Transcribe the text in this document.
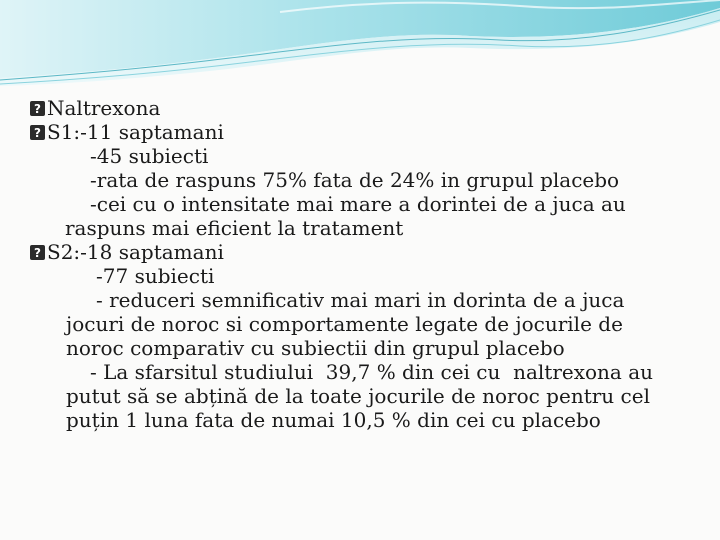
?Naltrexona
?S1:-11 saptamani
-45 subiecti
-rata de raspuns 75% fata de 24% in grupul placebo
-cei cu o intensitate mai mare a dorintei de a juca au
raspuns mai eficient la tratament
?S2:-18 saptamani
-77 subiecti
- reduceri semnificativ mai mari in dorinta de a juca
jocuri de noroc si comportamente legate de jocurile de
noroc comparativ cu subiectii din grupul placebo
- La sfarsitul studiului  39,7 % din cei cu  naltrexona au
putut să se abțină de la toate jocurile de noroc pentru cel
puțin 1 luna fata de numai 10,5 % din cei cu placebo
